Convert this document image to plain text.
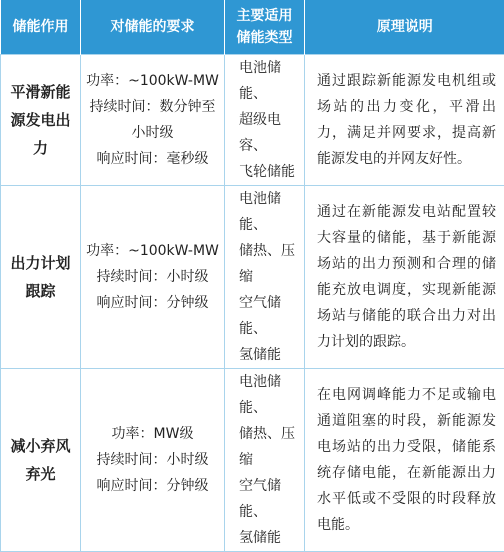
储能作用	对储能的要求	主要适用
储能类型	原理说明

平滑新能
源发电出
力	功率：~100kW-MW
持续时间：数分钟至
小时级
响应时间：毫秒级	电池储能、
超级电容、
飞轮储能	通过跟踪新能源发电机组或场站的出力变化，平滑出力，满足并网要求，提高新能源发电的并网友好性。

出力计划
跟踪	功率：~100kW-MW
持续时间：小时级
响应时间：分钟级	电池储能、
储热、压缩
空气储能、
氢储能	通过在新能源发电站配置较大容量的储能，基于新能源场站的出力预测和合理的储能充放电调度，实现新能源场站与储能的联合出力对出力计划的跟踪。

减小弃风
弃光	功率：MW级
持续时间：小时级
响应时间：分钟级	电池储能、
储热、压缩
空气储能、
氢储能	在电网调峰能力不足或输电通道阻塞的时段，新能源发电场站的出力受限，储能系统存储电能，在新能源出力水平低或不受限的时段释放电能。
